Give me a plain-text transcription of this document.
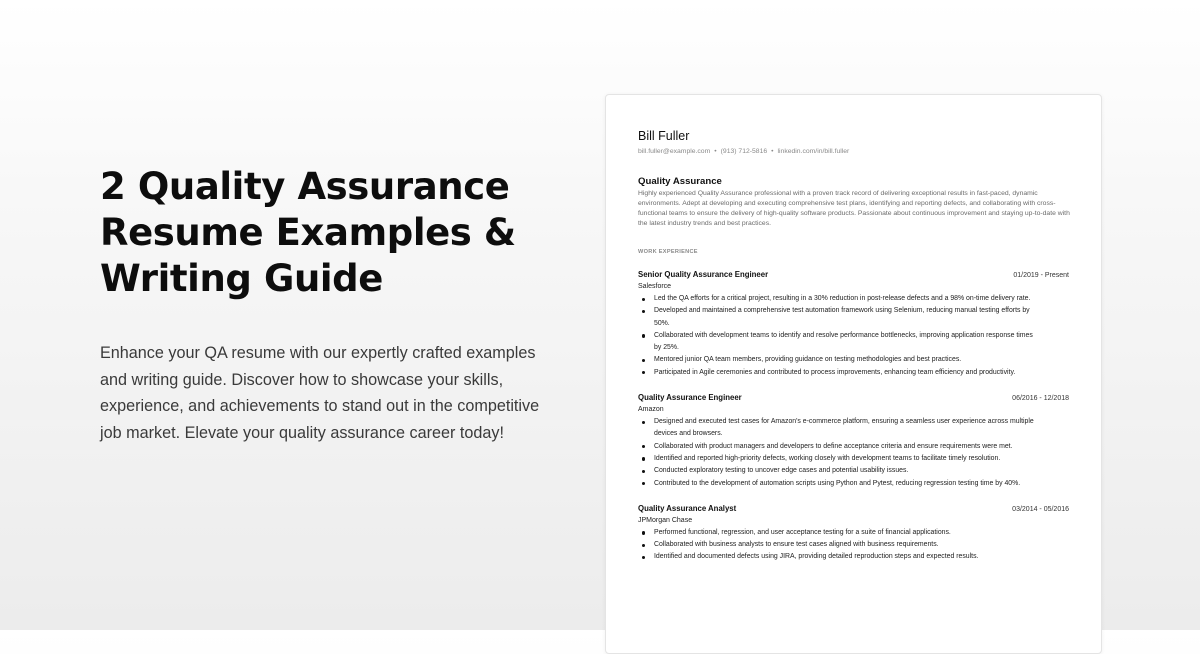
2 Quality Assurance
Resume Examples &
Writing Guide

Enhance your QA resume with our expertly crafted examples and writing guide. Discover how to showcase your skills, experience, and achievements to stand out in the competitive job market. Elevate your quality assurance career today!

Bill Fuller
bill.fuller@example.com • (913) 712-5816 • linkedin.com/in/bill.fuller
Quality Assurance
Highly experienced Quality Assurance professional with a proven track record of delivering exceptional results in fast-paced, dynamic environments. Adept at developing and executing comprehensive test plans, identifying and reporting defects, and collaborating with cross-functional teams to ensure the delivery of high-quality software products. Passionate about continuous improvement and staying up-to-date with the latest industry trends and best practices.
WORK EXPERIENCE
Senior Quality Assurance Engineer	01/2019 - Present
Salesforce
Led the QA efforts for a critical project, resulting in a 30% reduction in post-release defects and a 98% on-time delivery rate.
Developed and maintained a comprehensive test automation framework using Selenium, reducing manual testing efforts by 50%.
Collaborated with development teams to identify and resolve performance bottlenecks, improving application response times by 25%.
Mentored junior QA team members, providing guidance on testing methodologies and best practices.
Participated in Agile ceremonies and contributed to process improvements, enhancing team efficiency and productivity.
Quality Assurance Engineer	06/2016 - 12/2018
Amazon
Designed and executed test cases for Amazon's e-commerce platform, ensuring a seamless user experience across multiple devices and browsers.
Collaborated with product managers and developers to define acceptance criteria and ensure requirements were met.
Identified and reported high-priority defects, working closely with development teams to facilitate timely resolution.
Conducted exploratory testing to uncover edge cases and potential usability issues.
Contributed to the development of automation scripts using Python and Pytest, reducing regression testing time by 40%.
Quality Assurance Analyst	03/2014 - 05/2016
JPMorgan Chase
Performed functional, regression, and user acceptance testing for a suite of financial applications.
Collaborated with business analysts to ensure test cases aligned with business requirements.
Identified and documented defects using JIRA, providing detailed reproduction steps and expected results.
